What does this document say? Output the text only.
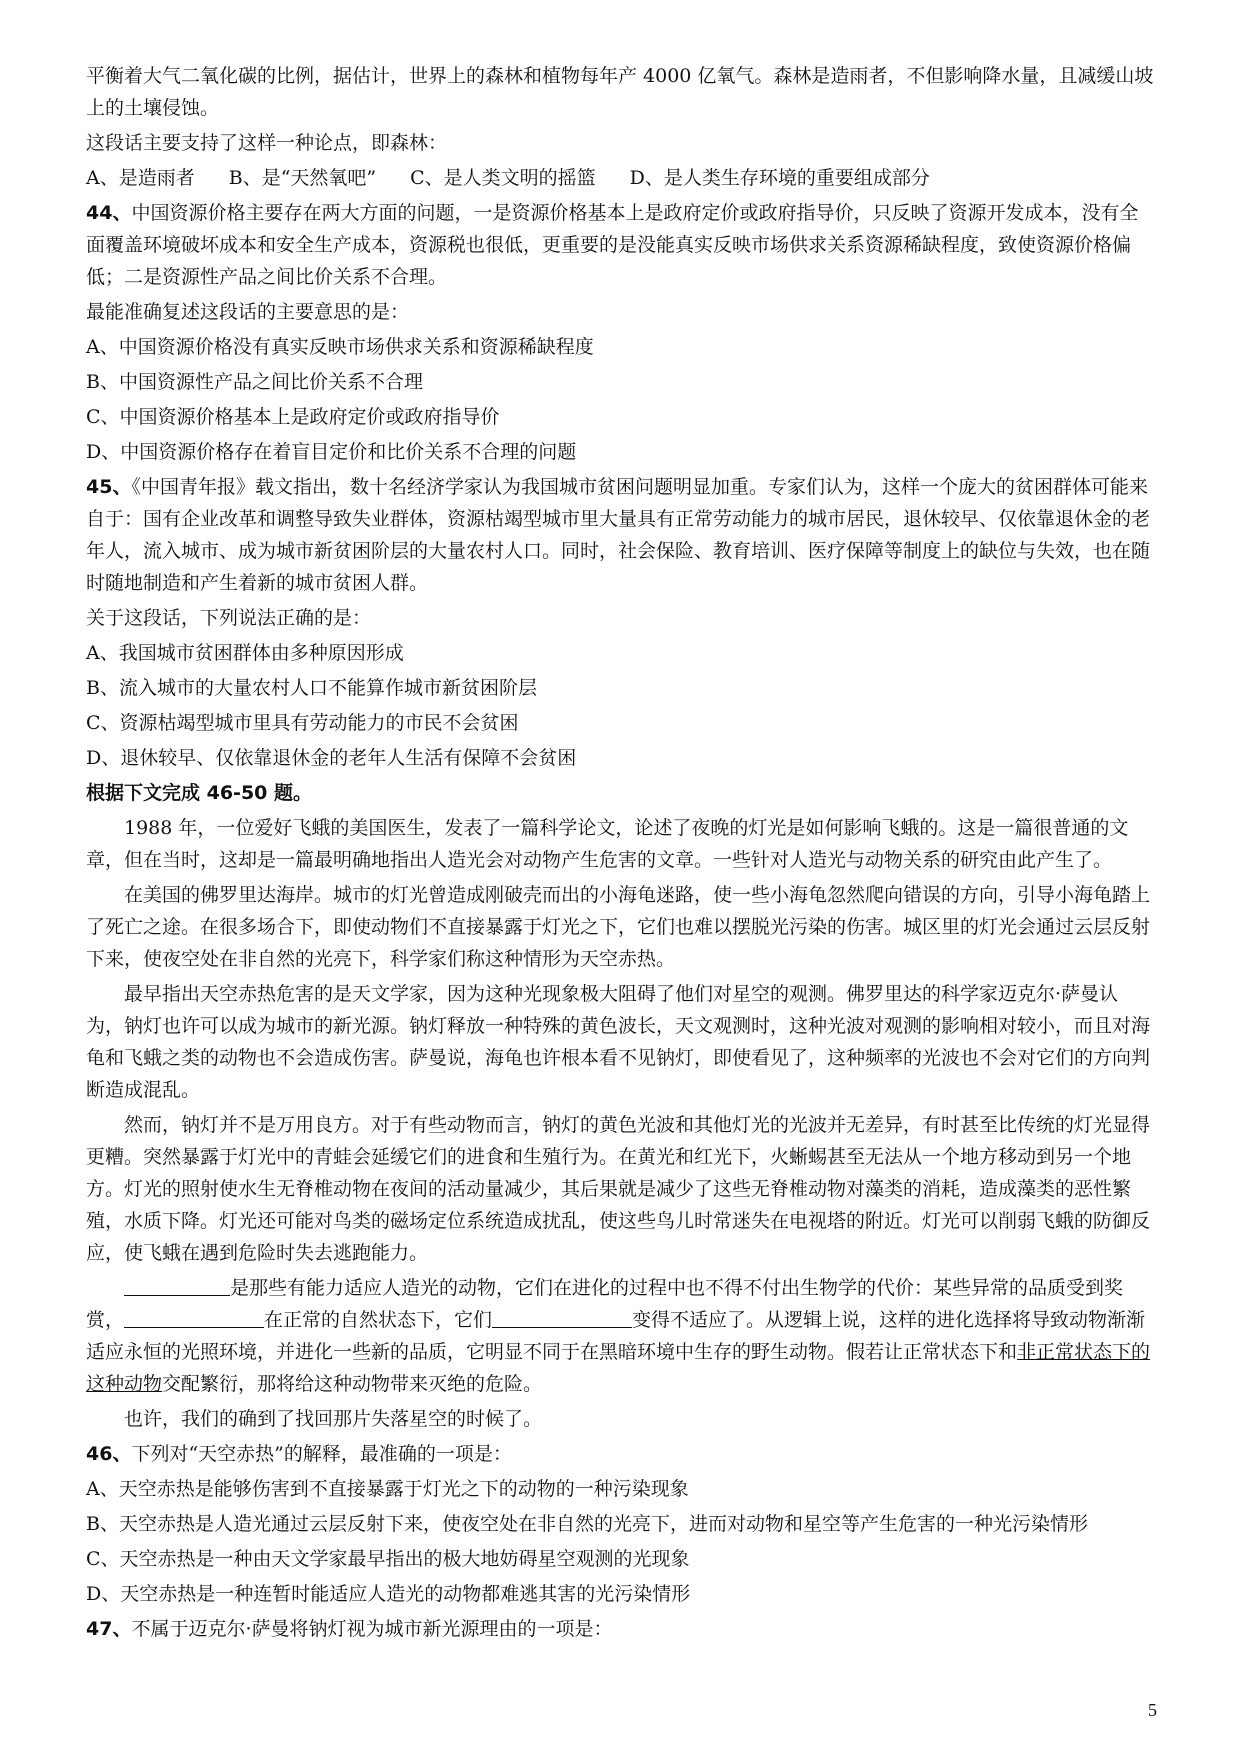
平衡着大气二氧化碳的比例，据估计，世界上的森林和植物每年产 4000 亿氧气。森林是造雨者，不但影响降水量，且减缓山坡上的土壤侵蚀。

这段话主要支持了这样一种论点，即森林：

A、是造雨者 B、是“天然氧吧” C、是人类文明的摇篮 D、是人类生存环境的重要组成部分

44、中国资源价格主要存在两大方面的问题，一是资源价格基本上是政府定价或政府指导价，只反映了资源开发成本，没有全面覆盖环境破坏成本和安全生产成本，资源税也很低，更重要的是没能真实反映市场供求关系资源稀缺程度，致使资源价格偏低；二是资源性产品之间比价关系不合理。

最能准确复述这段话的主要意思的是：

A、中国资源价格没有真实反映市场供求关系和资源稀缺程度

B、中国资源性产品之间比价关系不合理

C、中国资源价格基本上是政府定价或政府指导价

D、中国资源价格存在着盲目定价和比价关系不合理的问题

45、《中国青年报》载文指出，数十名经济学家认为我国城市贫困问题明显加重。专家们认为，这样一个庞大的贫困群体可能来自于：国有企业改革和调整导致失业群体，资源枯竭型城市里大量具有正常劳动能力的城市居民，退休较早、仅依靠退休金的老年人，流入城市、成为城市新贫困阶层的大量农村人口。同时，社会保险、教育培训、医疗保障等制度上的缺位与失效，也在随时随地制造和产生着新的城市贫困人群。

关于这段话，下列说法正确的是：

A、我国城市贫困群体由多种原因形成

B、流入城市的大量农村人口不能算作城市新贫困阶层

C、资源枯竭型城市里具有劳动能力的市民不会贫困

D、退休较早、仅依靠退休金的老年人生活有保障不会贫困

根据下文完成 46-50 题。

1988 年，一位爱好飞蛾的美国医生，发表了一篇科学论文，论述了夜晚的灯光是如何影响飞蛾的。这是一篇很普通的文章，但在当时，这却是一篇最明确地指出人造光会对动物产生危害的文章。一些针对人造光与动物关系的研究由此产生了。

在美国的佛罗里达海岸。城市的灯光曾造成刚破壳而出的小海龟迷路，使一些小海龟忽然爬向错误的方向，引导小海龟踏上了死亡之途。在很多场合下，即使动物们不直接暴露于灯光之下，它们也难以摆脱光污染的伤害。城区里的灯光会通过云层反射下来，使夜空处在非自然的光亮下，科学家们称这种情形为天空赤热。

最早指出天空赤热危害的是天文学家，因为这种光现象极大阻碍了他们对星空的观测。佛罗里达的科学家迈克尔·萨曼认为，钠灯也许可以成为城市的新光源。钠灯释放一种特殊的黄色波长，天文观测时，这种光波对观测的影响相对较小，而且对海龟和飞蛾之类的动物也不会造成伤害。萨曼说，海龟也许根本看不见钠灯，即使看见了，这种频率的光波也不会对它们的方向判断造成混乱。

然而，钠灯并不是万用良方。对于有些动物而言，钠灯的黄色光波和其他灯光的光波并无差异，有时甚至比传统的灯光显得更糟。突然暴露于灯光中的青蛙会延缓它们的进食和生殖行为。在黄光和红光下，火蜥蜴甚至无法从一个地方移动到另一个地方。灯光的照射使水生无脊椎动物在夜间的活动量减少，其后果就是减少了这些无脊椎动物对藻类的消耗，造成藻类的恶性繁殖，水质下降。灯光还可能对鸟类的磁场定位系统造成扰乱，使这些鸟儿时常迷失在电视塔的附近。灯光可以削弱飞蛾的防御反应，使飞蛾在遇到危险时失去逃跑能力。

是那些有能力适应人造光的动物，它们在进化的过程中也不得不付出生物学的代价：某些异常的品质受到奖赏，	在正常的自然状态下，它们	变得不适应了。从逻辑上说，这样的进化选择将导致动物渐渐适应永恒的光照环境，并进化一些新的品质，它明显不同于在黑暗环境中生存的野生动物。假若让正常状态下和非正常状态下的这种动物交配繁衍，那将给这种动物带来灭绝的危险。

也许，我们的确到了找回那片失落星空的时候了。

46、下列对“天空赤热”的解释，最准确的一项是：

A、天空赤热是能够伤害到不直接暴露于灯光之下的动物的一种污染现象

B、天空赤热是人造光通过云层反射下来，使夜空处在非自然的光亮下，进而对动物和星空等产生危害的一种光污染情形

C、天空赤热是一种由天文学家最早指出的极大地妨碍星空观测的光现象

D、天空赤热是一种连暂时能适应人造光的动物都难逃其害的光污染情形

47、不属于迈克尔·萨曼将钠灯视为城市新光源理由的一项是：

5
